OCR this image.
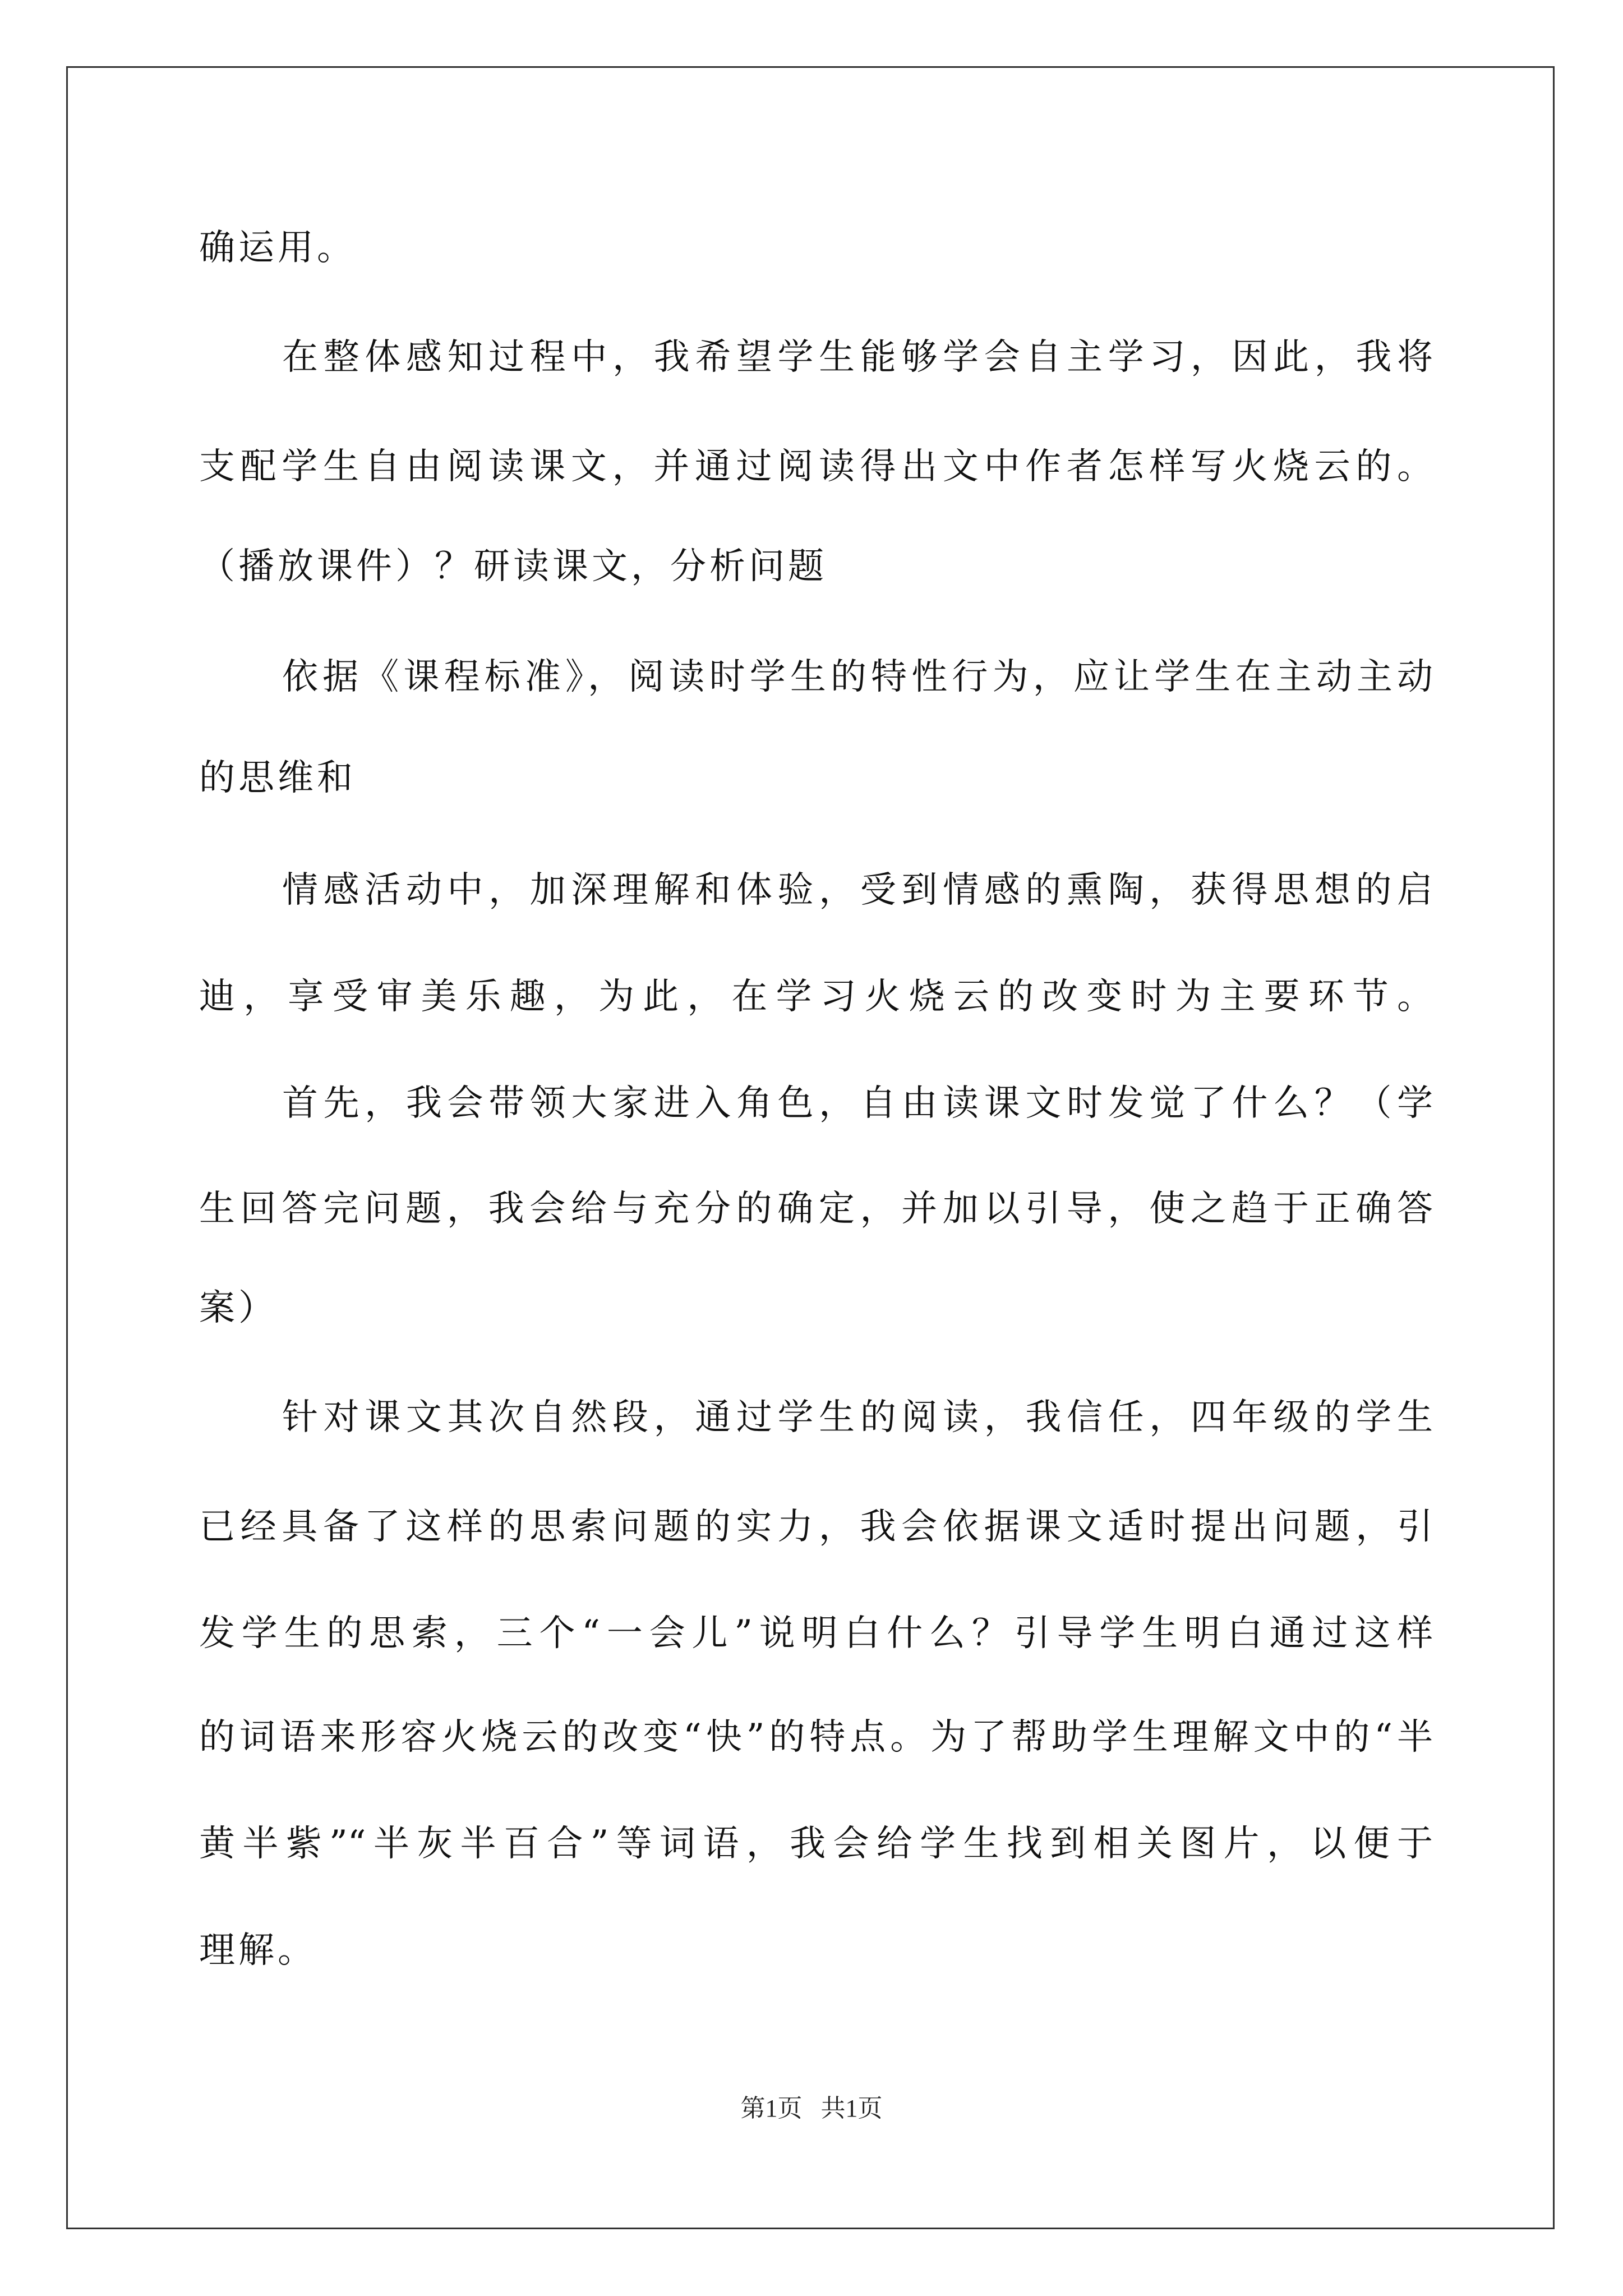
确运用。
在整体感知过程中，我希望学生能够学会自主学习，因此，我将
支配学生自由阅读课文，并通过阅读得出文中作者怎样写火烧云的。
（播放课件）？研读课文，分析问题
依据《课程标准》，阅读时学生的特性行为，应让学生在主动主动
的思维和
情感活动中，加深理解和体验，受到情感的熏陶，获得思想的启
迪，享受审美乐趣，为此，在学习火烧云的改变时为主要环节。
首先，我会带领大家进入角色，自由读课文时发觉了什么？（学
生回答完问题，我会给与充分的确定，并加以引导，使之趋于正确答
案）
针对课文其次自然段，通过学生的阅读，我信任，四年级的学生
已经具备了这样的思索问题的实力，我会依据课文适时提出问题，引
发学生的思索，三个“一会儿”说明白什么？引导学生明白通过这样
的词语来形容火烧云的改变“快”的特点。为了帮助学生理解文中的“半
黄半紫”“半灰半百合”等词语，我会给学生找到相关图片，以便于
理解。
第1页   共1页
